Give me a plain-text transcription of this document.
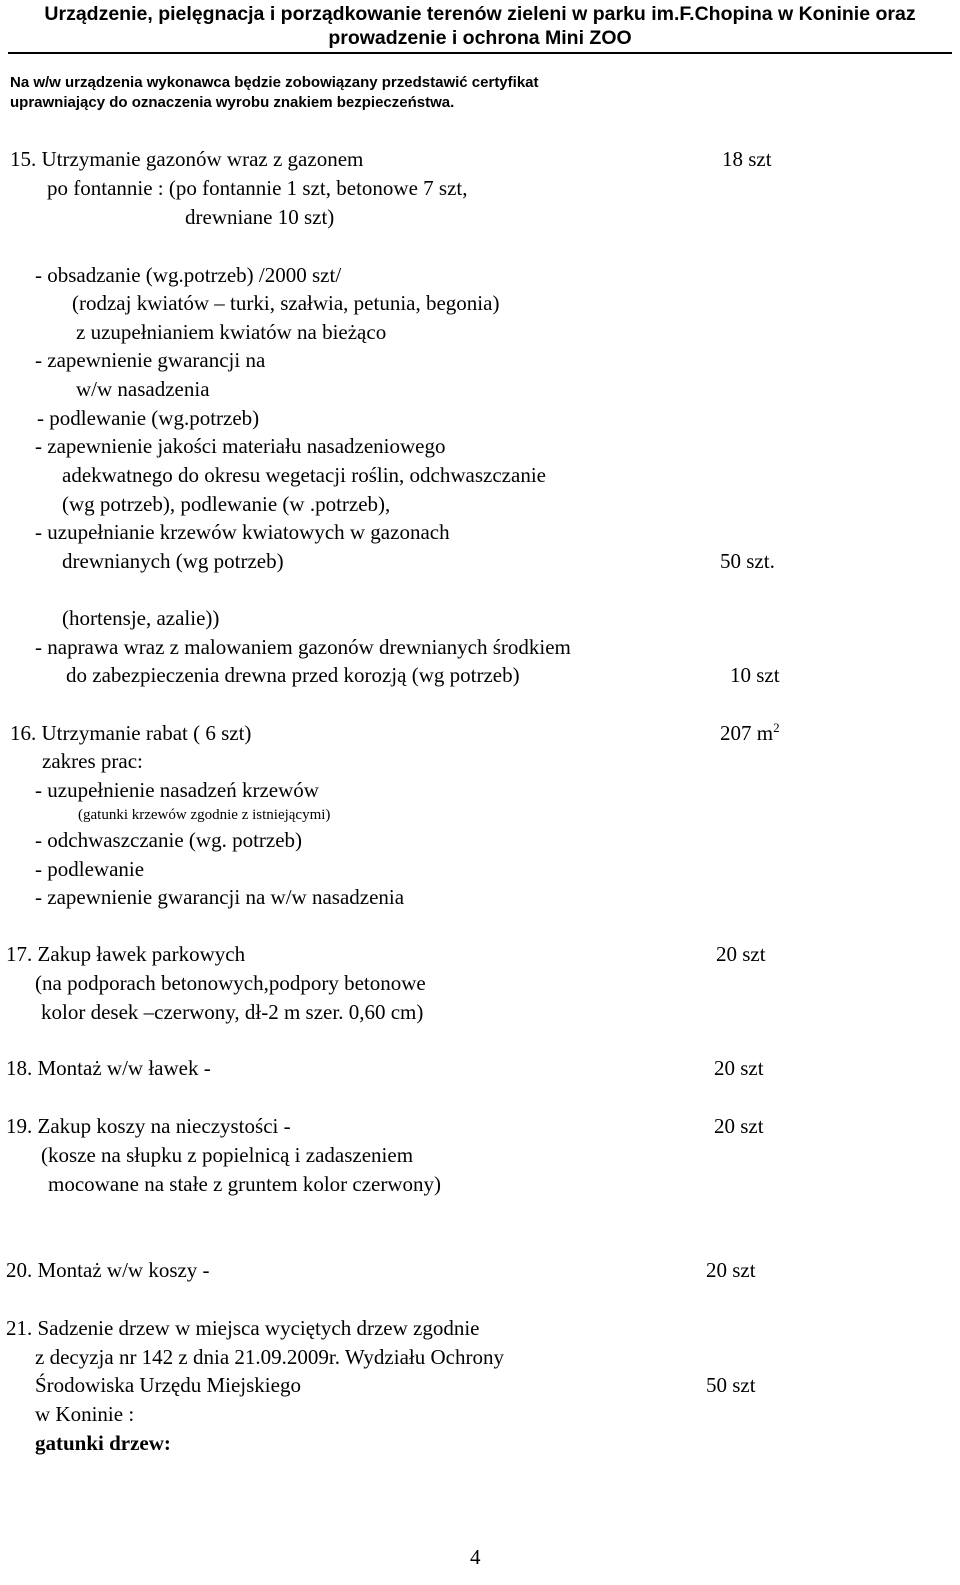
Urządzenie, pielęgnacja i porządkowanie terenów zieleni w parku im.F.Chopina w Koninie oraz
prowadzenie i ochrona Mini ZOO
Na w/w urządzenia wykonawca będzie zobowiązany przedstawić certyfikat
uprawniający do oznaczenia wyrobu znakiem bezpieczeństwa.
15. Utrzymanie gazonów wraz z gazonem	18 szt
po fontannie : (po fontannie 1 szt, betonowe 7 szt,
drewniane 10 szt)
- obsadzanie (wg.potrzeb) /2000 szt/
(rodzaj kwiatów – turki, szałwia, petunia, begonia)
z uzupełnianiem kwiatów na bieżąco
- zapewnienie gwarancji na
w/w nasadzenia
- podlewanie (wg.potrzeb)
- zapewnienie jakości materiału nasadzeniowego
adekwatnego do okresu wegetacji roślin, odchwaszczanie
(wg potrzeb), podlewanie (w .potrzeb),
- uzupełnianie krzewów kwiatowych w gazonach
drewnianych (wg potrzeb)	50 szt.
(hortensje, azalie))
- naprawa wraz z malowaniem gazonów drewnianych środkiem
do zabezpieczenia drewna przed korozją (wg potrzeb)	10 szt
16. Utrzymanie rabat ( 6 szt)	207 $m^2$
zakres prac:
- uzupełnienie nasadzeń krzewów
(gatunki krzewów zgodnie z istniejącymi)
- odchwaszczanie (wg. potrzeb)
- podlewanie
- zapewnienie gwarancji na w/w nasadzenia
17. Zakup ławek parkowych	20 szt
(na podporach betonowych,podpory betonowe
kolor desek –czerwony, dł-2 m szer. 0,60 cm)
18. Montaż w/w ławek -	20 szt
19. Zakup koszy na nieczystości -	20 szt
(kosze na słupku z popielnicą i zadaszeniem
mocowane na stałe z gruntem kolor czerwony)
20. Montaż w/w koszy -	20 szt
21. Sadzenie drzew w miejsca wyciętych drzew zgodnie
z decyzja nr 142 z dnia 21.09.2009r. Wydziału Ochrony
Środowiska Urzędu Miejskiego	50 szt
w Koninie :
gatunki drzew:
4
